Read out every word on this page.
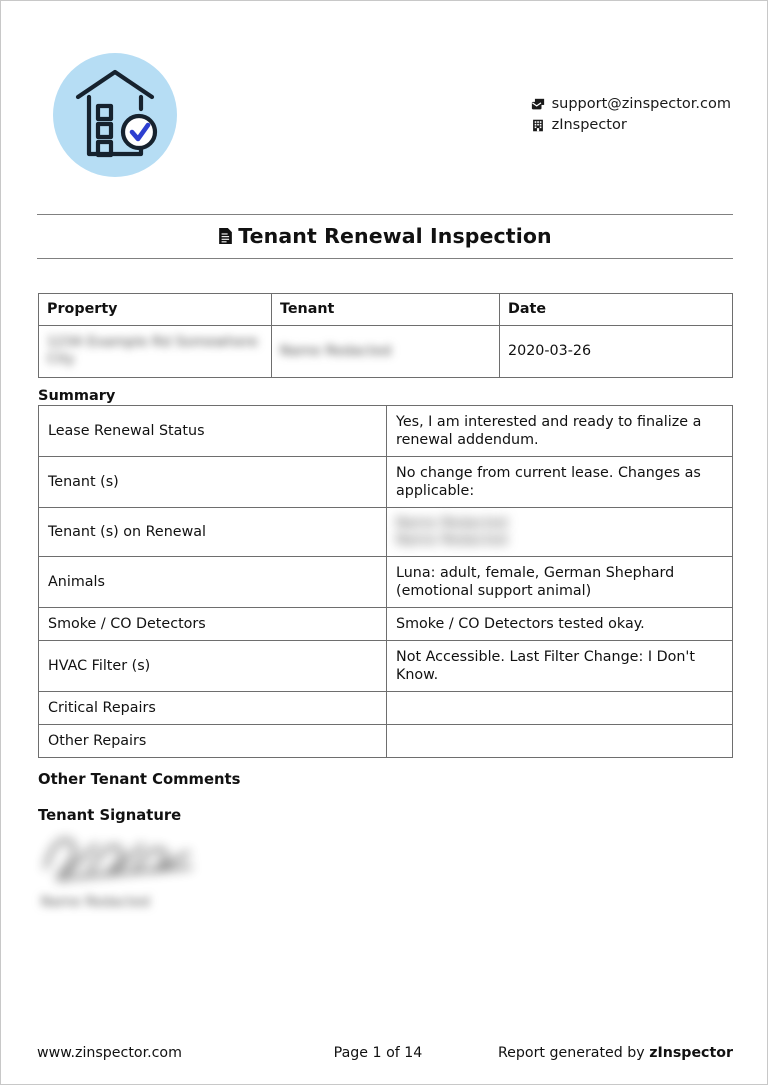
support@zinspector.com
zInspector
Tenant Renewal Inspection
Property	Tenant	Date

1234 Example Rd Somewhere
City	Name Redacted	2020-03-26
Summary
Lease Renewal Status	Yes, I am interested and ready to finalize a renewal addendum.
Tenant (s)	No change from current lease. Changes as applicable:
Tenant (s) on Renewal	Name Redacted
Name Redacted

Animals	Luna: adult, female, German Shephard (emotional support animal)
Smoke / CO Detectors	Smoke / CO Detectors tested okay.
HVAC Filter (s)	Not Accessible. Last Filter Change: I Don't Know.
Critical Repairs	
Other Repairs	
Other Tenant Comments
Tenant Signature
Name Redacted
www.zinspector.com	Page 1 of 14	Report generated by zInspector
